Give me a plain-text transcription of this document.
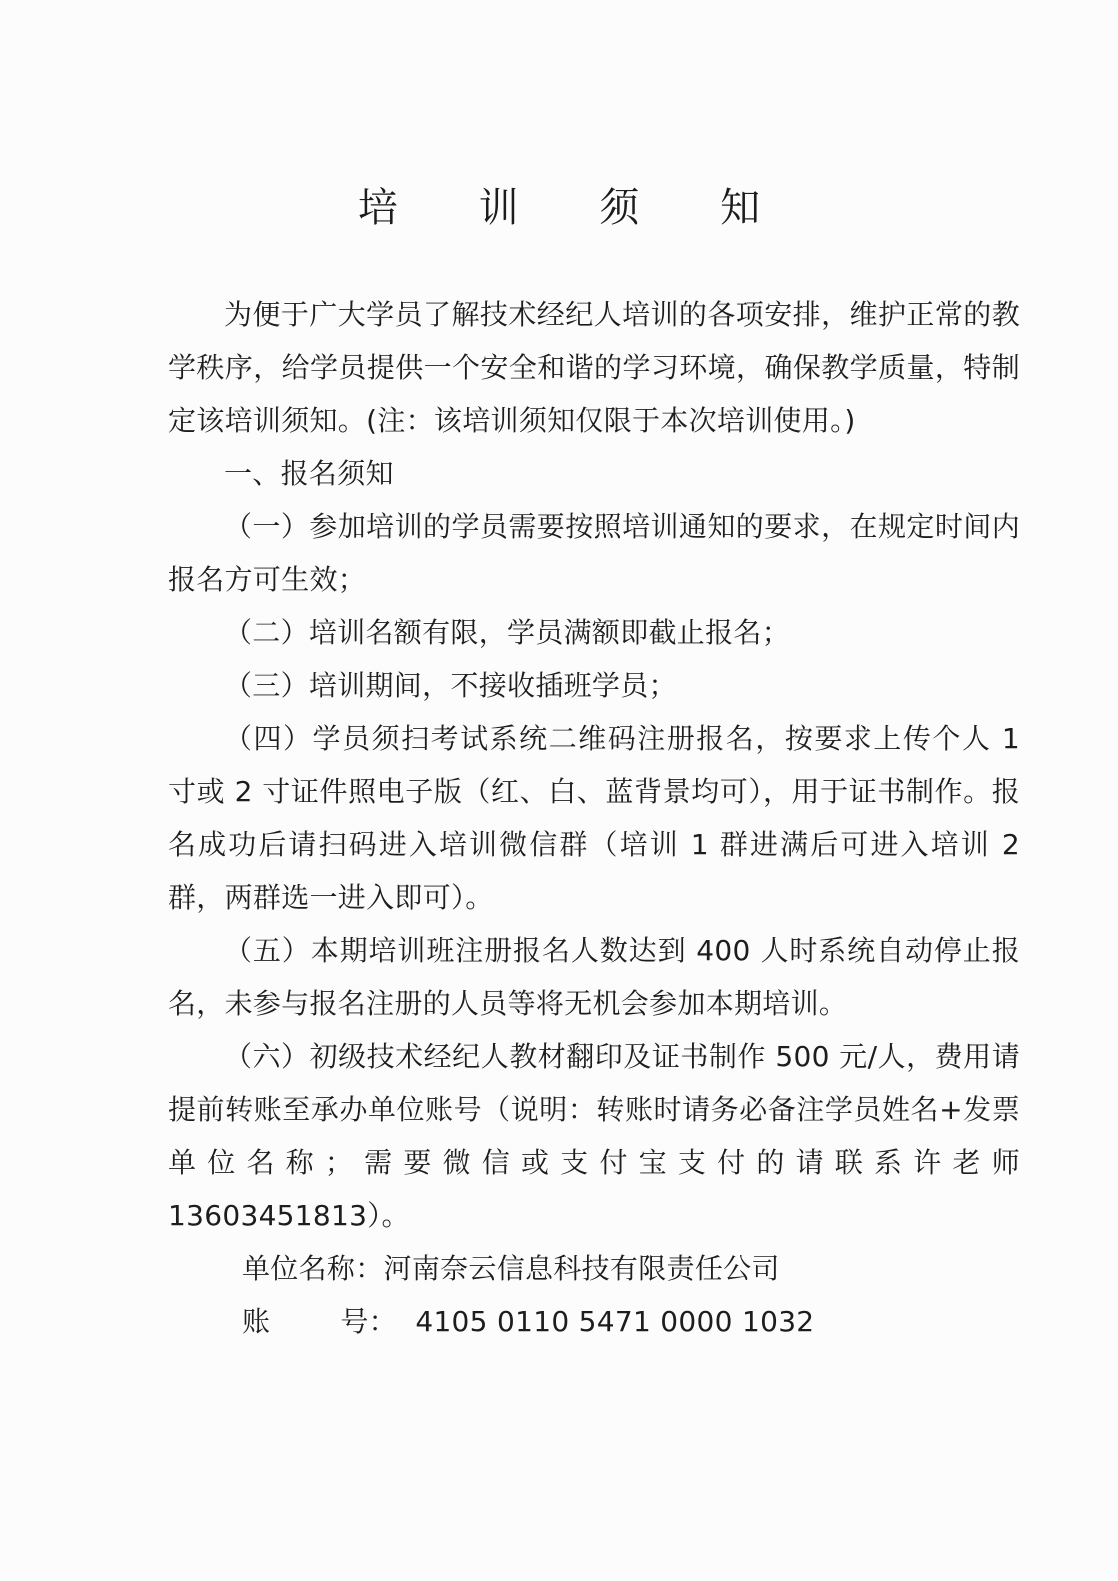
培 训 须 知

为便于广大学员了解技术经纪人培训的各项安排，维护正常的教学秩序，给学员提供一个安全和谐的学习环境，确保教学质量，特制定该培训须知。(注：该培训须知仅限于本次培训使用。)

一、报名须知

（一）参加培训的学员需要按照培训通知的要求，在规定时间内报名方可生效；

（二）培训名额有限，学员满额即截止报名；

（三）培训期间，不接收插班学员；

（四）学员须扫考试系统二维码注册报名，按要求上传个人 1 寸或 2 寸证件照电子版（红、白、蓝背景均可），用于证书制作。报名成功后请扫码进入培训微信群（培训 1 群进满后可进入培训 2 群，两群选一进入即可）。

（五）本期培训班注册报名人数达到 400 人时系统自动停止报名，未参与报名注册的人员等将无机会参加本期培训。

（六）初级技术经纪人教材翻印及证书制作 500 元/人，费用请提前转账至承办单位账号（说明：转账时请务必备注学员姓名+发票单位名称；需要微信或支付宝支付的请联系许老师 13603451813）。

单位名称：河南奈云信息科技有限责任公司

账	号： 4105 0110 5471 0000 1032
